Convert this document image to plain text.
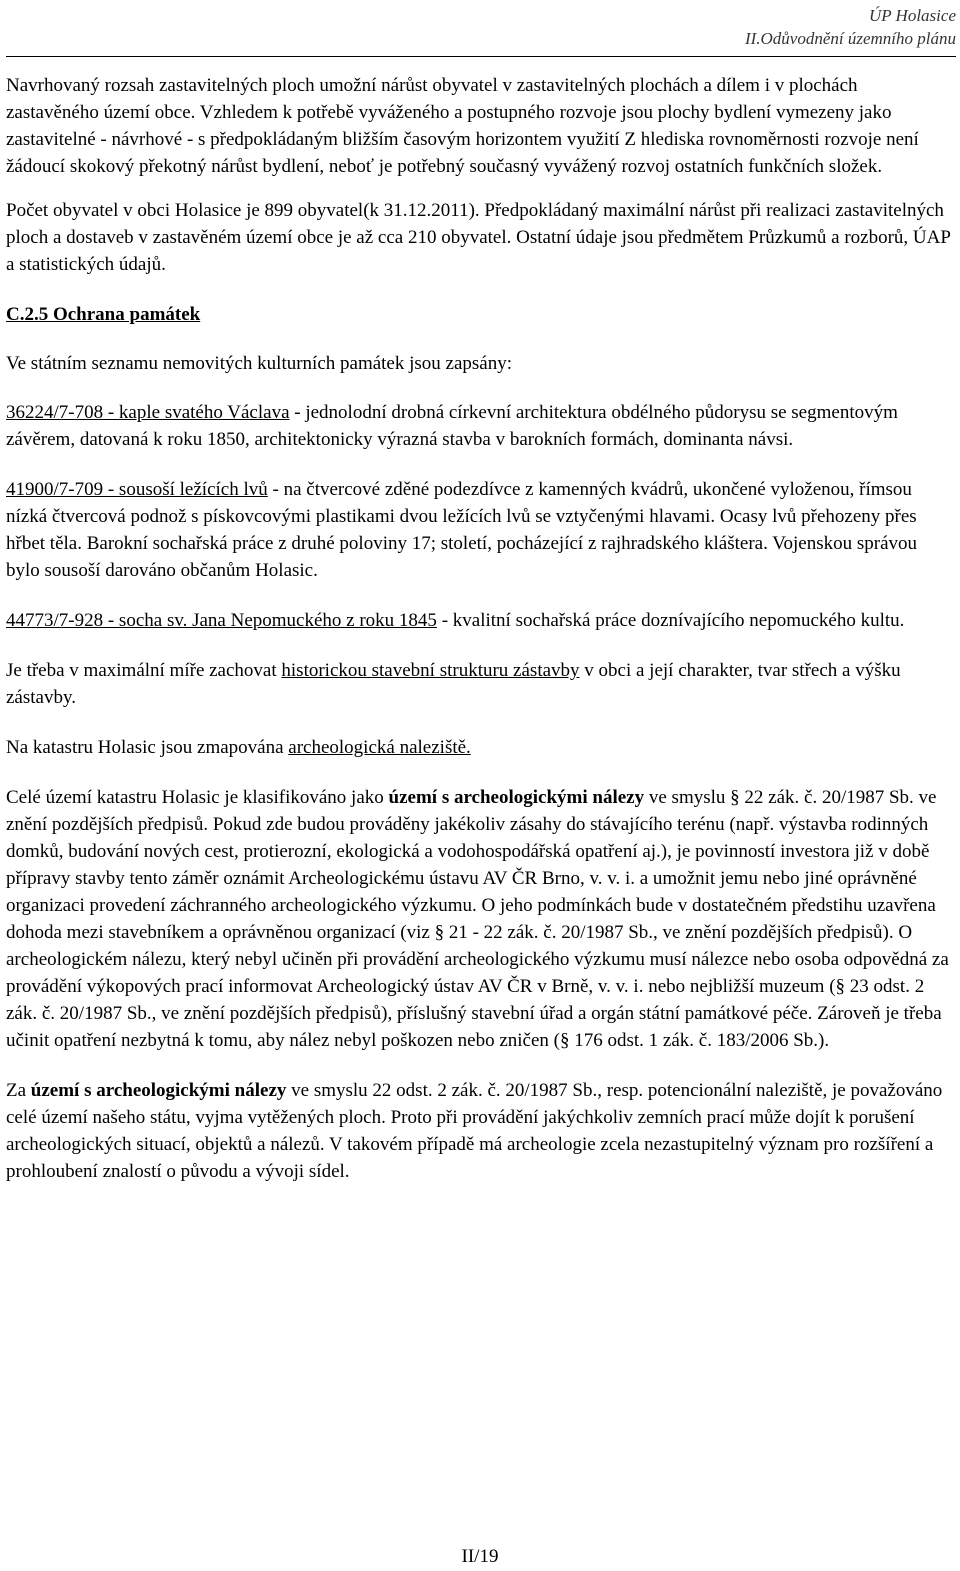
ÚP Holasice
II.Odůvodnění územního plánu

Navrhovaný rozsah zastavitelných ploch umožní nárůst obyvatel v zastavitelných plochách a dílem i v plochách zastavěného území obce. Vzhledem k potřebě vyváženého a postupného rozvoje jsou plochy bydlení vymezeny jako zastavitelné - návrhové - s předpokládaným bližším časovým horizontem využití Z hlediska rovnoměrnosti rozvoje není žádoucí skokový překotný nárůst bydlení, neboť je potřebný současný vyvážený rozvoj ostatních funkčních složek.

Počet obyvatel v obci Holasice je 899 obyvatel(k 31.12.2011). Předpokládaný maximální nárůst při realizaci zastavitelných ploch a dostaveb v zastavěném území obce je až cca 210 obyvatel. Ostatní údaje jsou předmětem Průzkumů a rozborů, ÚAP a statistických údajů.

C.2.5 Ochrana památek

Ve státním seznamu nemovitých kulturních památek jsou zapsány:

36224/7-708 - kaple svatého Václava - jednolodní drobná církevní architektura obdélného půdorysu se segmentovým závěrem, datovaná k roku 1850, architektonicky výrazná stavba v barokních formách, dominanta návsi.

41900/7-709 - sousoší ležících lvů - na čtvercové zděné podezdívce z kamenných kvádrů, ukončené vyloženou, římsou nízká čtvercová podnož s pískovcovými plastikami dvou ležících lvů se vztyčenými hlavami. Ocasy lvů přehozeny přes hřbet těla. Barokní sochařská práce z druhé poloviny 17; století, pocházející z rajhradského kláštera. Vojenskou správou bylo sousoší darováno občanům Holasic.

44773/7-928 - socha sv. Jana Nepomuckého z roku 1845 - kvalitní sochařská práce doznívajícího nepomuckého kultu.

Je třeba v maximální míře zachovat historickou stavební strukturu zástavby v obci a její charakter, tvar střech a výšku zástavby.

Na katastru Holasic jsou zmapována archeologická naleziště.

Celé území katastru Holasic je klasifikováno jako území s archeologickými nálezy ve smyslu § 22 zák. č. 20/1987 Sb. ve znění pozdějších předpisů. Pokud zde budou prováděny jakékoliv zásahy do stávajícího terénu (např. výstavba rodinných domků, budování nových cest, protierozní, ekologická a vodohospodářská opatření aj.), je povinností investora již v době přípravy stavby tento záměr oznámit Archeologickému ústavu AV ČR Brno, v. v. i. a umožnit jemu nebo jiné oprávněné organizaci provedení záchranného archeologického výzkumu. O jeho podmínkách bude v dostatečném předstihu uzavřena dohoda mezi stavebníkem a oprávněnou organizací (viz § 21 - 22 zák. č. 20/1987 Sb., ve znění pozdějších předpisů). O archeologickém nálezu, který nebyl učiněn při provádění archeologického výzkumu musí nálezce nebo osoba odpovědná za provádění výkopových prací informovat Archeologický ústav AV ČR v Brně, v. v. i. nebo nejbližší muzeum (§ 23 odst. 2 zák. č. 20/1987 Sb., ve znění pozdějších předpisů), příslušný stavební úřad a orgán státní památkové péče. Zároveň je třeba učinit opatření nezbytná k tomu, aby nález nebyl poškozen nebo zničen (§ 176 odst. 1 zák. č. 183/2006 Sb.).

Za území s archeologickými nálezy ve smyslu 22 odst. 2 zák. č. 20/1987 Sb., resp. potencionální naleziště, je považováno celé území našeho státu, vyjma vytěžených ploch. Proto při provádění jakýchkoliv zemních prací může dojít k porušení archeologických situací, objektů a nálezů. V takovém případě má archeologie zcela nezastupitelný význam pro rozšíření a prohloubení znalostí o původu a vývoji sídel.

II/19
